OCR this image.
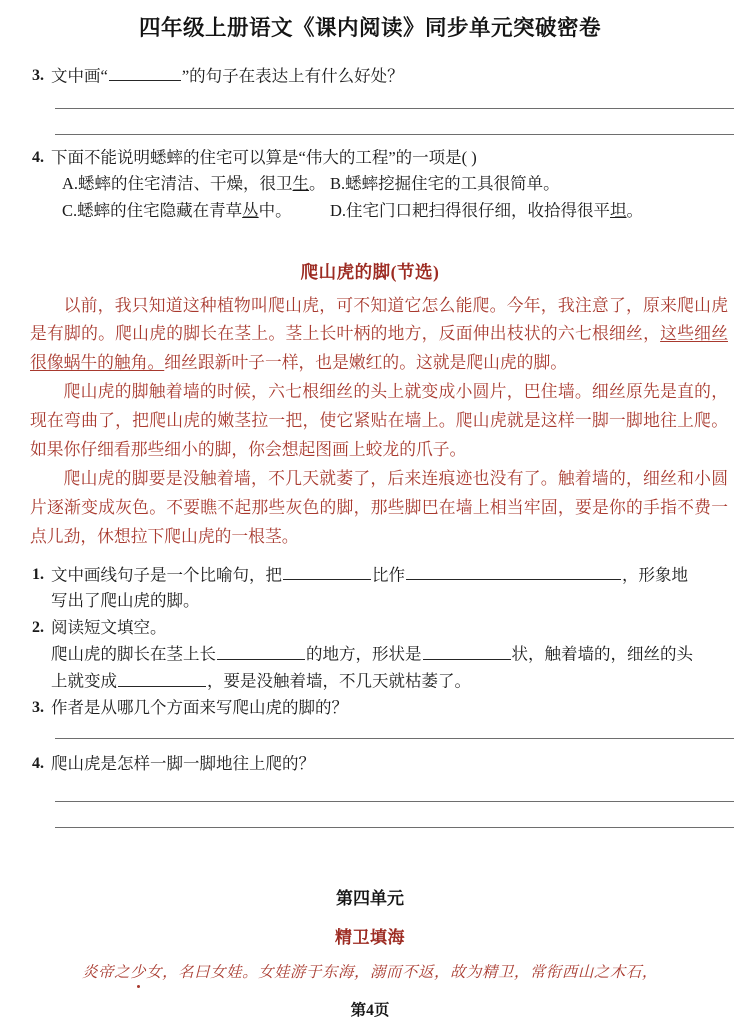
四年级上册语文《课内阅读》同步单元突破密卷
3. 文中画“	”的句子在表达上有什么好处？
4. 下面不能说明蟋蟀的住宅可以算是“伟大的工程”的一项是( )
A.蟋蟀的住宅清洁、干燥，很卫生。 B.蟋蟀挖掘住宅的工具很简单。
C.蟋蟀的住宅隐藏在青草丛中。	D.住宅门口耙扫得很仔细，收拾得很平坦。
爬山虎的脚(节选)

以前，我只知道这种植物叫爬山虎，可不知道它怎么能爬。今年，我注意了，原来爬山虎是有脚的。爬山虎的脚长在茎上。茎上长叶柄的地方，反面伸出枝状的六七根细丝，这些细丝很像蜗牛的触角。细丝跟新叶子一样，也是嫩红的。这就是爬山虎的脚。

爬山虎的脚触着墙的时候，六七根细丝的头上就变成小圆片，巴住墙。细丝原先是直的，现在弯曲了，把爬山虎的嫩茎拉一把，使它紧贴在墙上。爬山虎就是这样一脚一脚地往上爬。如果你仔细看那些细小的脚，你会想起图画上蛟龙的爪子。

爬山虎的脚要是没触着墙，不几天就萎了，后来连痕迹也没有了。触着墙的，细丝和小圆片逐渐变成灰色。不要瞧不起那些灰色的脚，那些脚巴在墙上相当牢固，要是你的手指不费一点儿劲，休想拉下爬山虎的一根茎。

1. 文中画线句子是一个比喻句，把	比作	，形象地
写出了爬山虎的脚。
2. 阅读短文填空。
爬山虎的脚长在茎上长	的地方，形状是	状，触着墙的，细丝的头
上就变成	，要是没触着墙，不几天就枯萎了。
3. 作者是从哪几个方面来写爬山虎的脚的？
4. 爬山虎是怎样一脚一脚地往上爬的？
第四单元
精卫填海
炎帝之少女，名曰女娃。女娃游于东海，溺而不返，故为精卫，常衔西山之木石，
第4页
